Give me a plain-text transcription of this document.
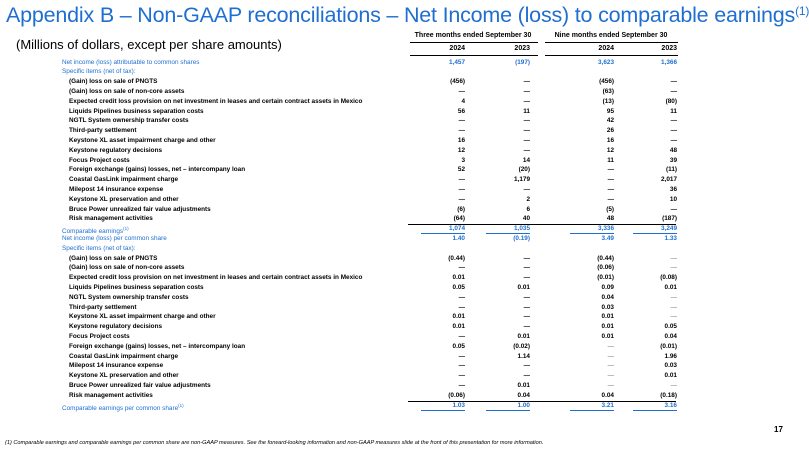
Appendix B – Non-GAAP reconciliations – Net Income (loss) to comparable earnings$^{(1)}$
(Millions of dollars, except per share amounts)
Three months ended September 30	Nine months ended September 30
2024	2023	2024	2023
Net income (loss) attributable to common shares	1,457	(197)	3,623	1,366
Specific items (net of tax):
(Gain) loss on sale of PNGTS	(456)	—	(456)	—
(Gain) loss on sale of non-core assets	—	—	(63)	—
Expected credit loss provision on net investment in leases and certain contract assets in Mexico	4	—	(13)	(80)
Liquids Pipelines business separation costs	56	11	95	11
NGTL System ownership transfer costs	—	—	42	—
Third-party settlement	—	—	26	—
Keystone XL asset impairment charge and other	16	—	16	—
Keystone regulatory decisions	12	—	12	48
Focus Project costs	3	14	11	39
Foreign exchange (gains) losses, net – intercompany loan	52	(20)	—	(11)
Coastal GasLink impairment charge	—	1,179	—	2,017
Milepost 14 insurance expense	—	—	—	36
Keystone XL preservation and other	—	2	—	10
Bruce Power unrealized fair value adjustments	(6)	6	(5)	—
Risk management activities	(64)	40	48	(187)
Comparable earnings$^{(1)}$	1,074	1,035	3,336	3,249
Net income (loss) per common share	1.40	(0.19)	3.49	1.33
Specific items (net of tax):
(Gain) loss on sale of PNGTS	(0.44)	—	(0.44)	—
(Gain) loss on sale of non-core assets	—	—	(0.06)	—
Expected credit loss provision on net investment in leases and certain contract assets in Mexico	0.01	—	(0.01)	(0.08)
Liquids Pipelines business separation costs	0.05	0.01	0.09	0.01
NGTL System ownership transfer costs	—	—	0.04	—
Third-party settlement	—	—	0.03	—
Keystone XL asset impairment charge and other	0.01	—	0.01	—
Keystone regulatory decisions	0.01	—	0.01	0.05
Focus Project costs	—	0.01	0.01	0.04
Foreign exchange (gains) losses, net – intercompany loan	0.05	(0.02)	—	(0.01)
Coastal GasLink impairment charge	—	1.14	—	1.96
Milepost 14 insurance expense	—	—	—	0.03
Keystone XL preservation and other	—	—	—	0.01
Bruce Power unrealized fair value adjustments	—	0.01	—	—
Risk management activities	(0.06)	0.04	0.04	(0.18)
Comparable earnings per common share$^{(1)}$	1.03	1.00	3.21	3.16
17
(1) Comparable earnings and comparable earnings per common share are non-GAAP measures. See the forward-looking information and non-GAAP measures slide at the front of this presentation for more information.
